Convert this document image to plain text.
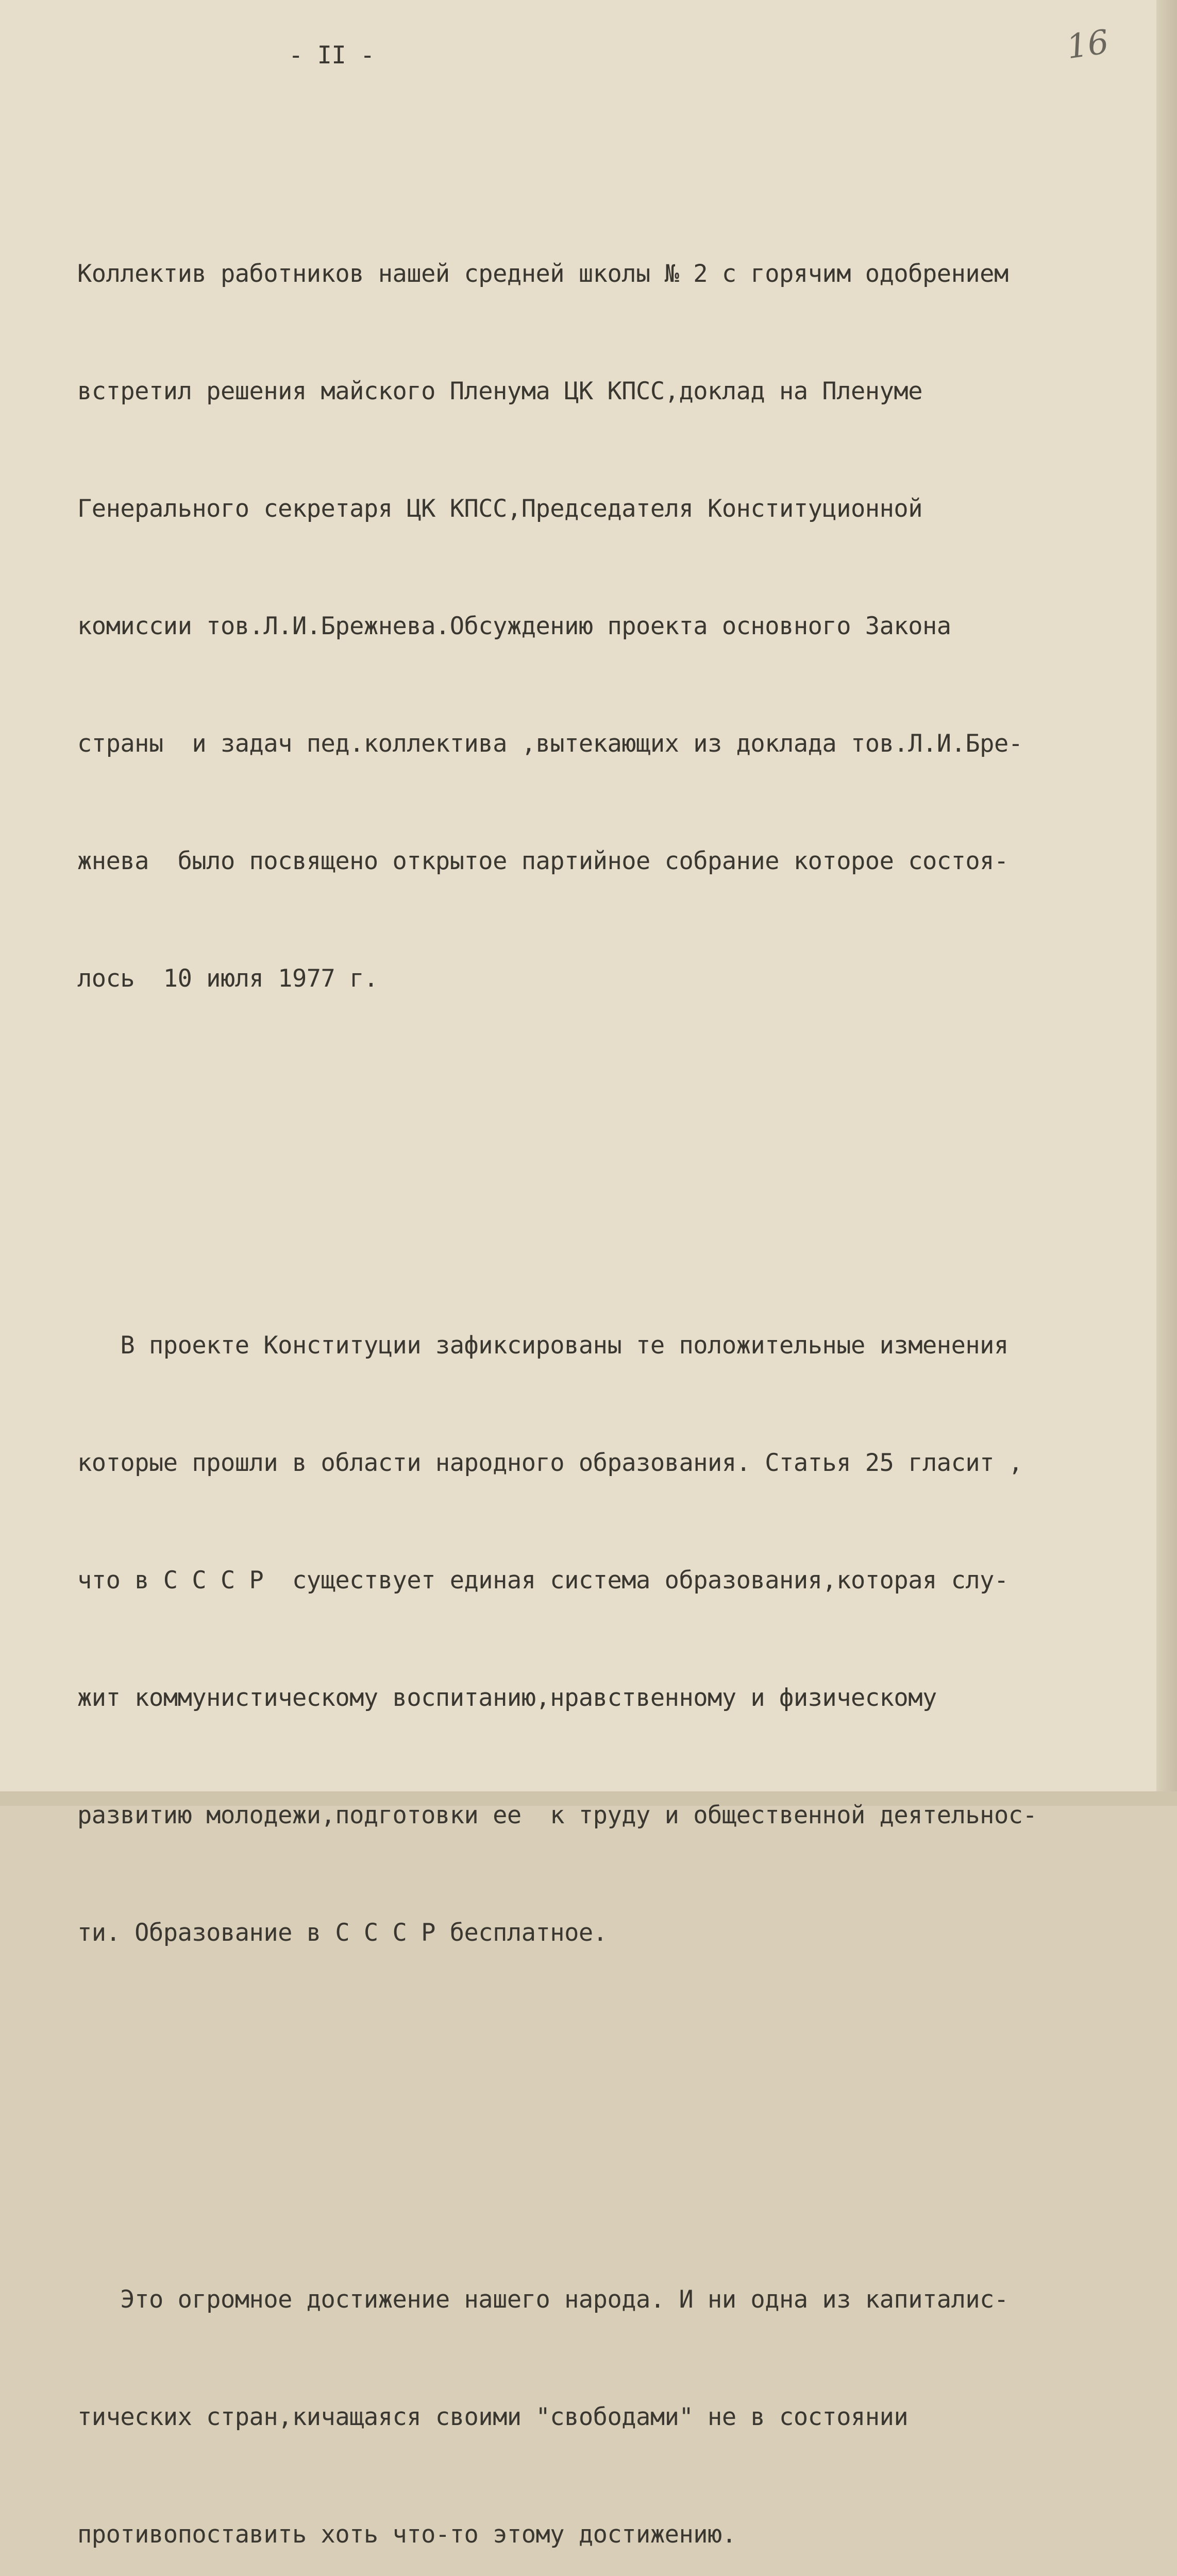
- II -	16

Коллектив работников нашей средней школы № 2 с горячим одобрением

встретил решения майского Пленума ЦК КПСС,доклад на Пленуме

Генерального секретаря ЦК КПСС,Председателя Конституционной

комиссии тов.Л.И.Брежнева.Обсуждению проекта основного Закона

страны  и задач пед.коллектива ,вытекающих из доклада тов.Л.И.Бре-

жнева  было посвящено открытое партийное собрание которое состоя-

лось  10 июля 1977 г.

В проекте Конституции зафиксированы те положительные изменения

которые прошли в области народного образования. Статья 25 гласит ,

что в С С С Р  существует единая система образования,которая слу-

жит коммунистическому воспитанию,нравственному и физическому

развитию молодежи,подготовки ее  к труду и общественной деятельнос-

ти. Образование в С С С Р бесплатное.

Это огромное достижение нашего народа. И ни одна из капиталис-

тических стран,кичащаяся своими "свободами" не в состоянии

противопоставить хоть что-то этому достижению.
